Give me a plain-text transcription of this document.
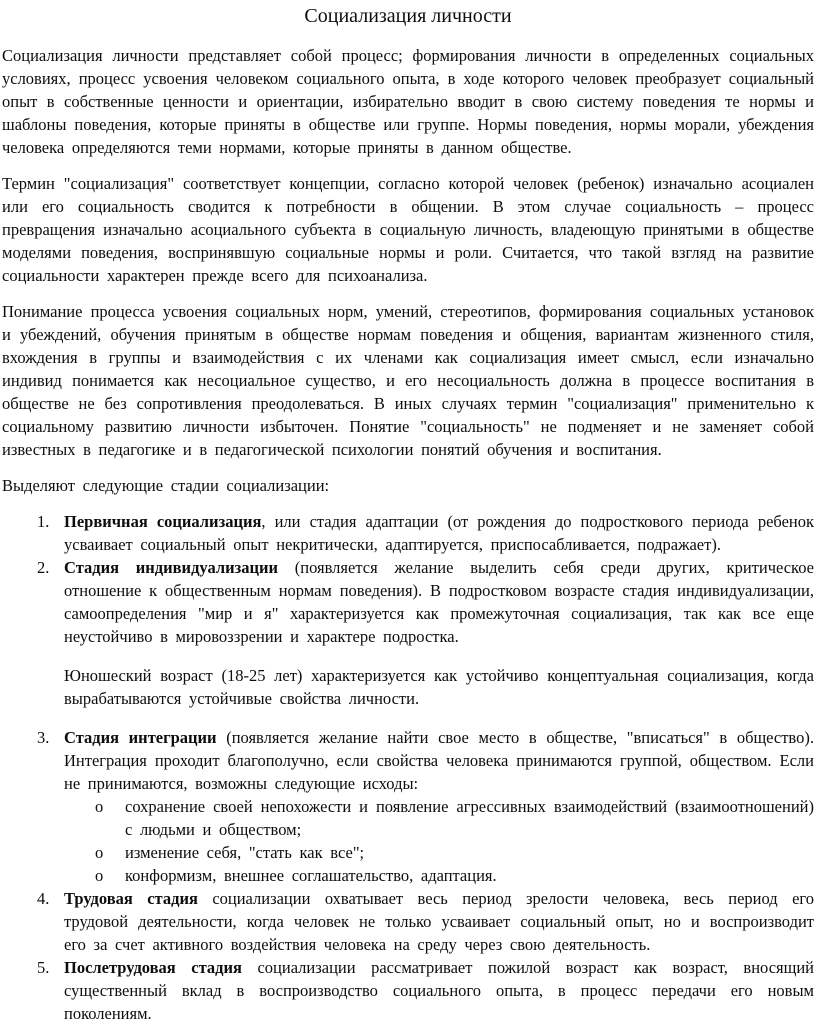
Социализация личности

Социализация личности представляет собой процесс; формирования личности в определенных социальных условиях, процесс усвоения человеком социального опыта, в ходе которого человек преобразует социальный опыт в собственные ценности и ориентации, избирательно вводит в свою систему поведения те нормы и шаблоны поведения, которые приняты в обществе или группе. Нормы поведения, нормы морали, убеждения человека определяются теми нормами, которые приняты в данном обществе.

Термин "социализация" соответствует концепции, согласно которой человек (ребенок) изначально асоциален или его социальность сводится к потребности в общении. В этом случае социальность – процесс превращения изначально асоциального субъекта в социальную личность, владеющую принятыми в обществе моделями поведения, воспринявшую социальные нормы и роли. Считается, что такой взгляд на развитие социальности характерен прежде всего для психоанализа.

Понимание процесса усвоения социальных норм, умений, стереотипов, формирования социальных установок и убеждений, обучения принятым в обществе нормам поведения и общения, вариантам жизненного стиля, вхождения в группы и взаимодействия с их членами как социализация имеет смысл, если изначально индивид понимается как несоциальное существо, и его несоциальность должна в процессе воспитания в обществе не без сопротивления преодолеваться. В иных случаях термин "социализация" применительно к социальному развитию личности избыточен. Понятие "социальность" не подменяет и не заменяет собой известных в педагогике и в педагогической психологии понятий обучения и воспитания.

Выделяют следующие стадии социализации:

1. Первичная социализация, или стадия адаптации (от рождения до подросткового периода ребенок усваивает социальный опыт некритически, адаптируется, приспосабливается, подражает).
2. Стадия индивидуализации (появляется желание выделить себя среди других, критическое отношение к общественным нормам поведения). В подростковом возрасте стадия индивидуализации, самоопределения "мир и я" характеризуется как промежуточная социализация, так как все еще неустойчиво в мировоззрении и характере подростка.

Юношеский возраст (18-25 лет) характеризуется как устойчиво концептуальная социализация, когда вырабатываются устойчивые свойства личности.

3. Стадия интеграции (появляется желание найти свое место в обществе, "вписаться" в общество). Интеграция проходит благополучно, если свойства человека принимаются группой, обществом. Если не принимаются, возможны следующие исходы:

o	сохранение своей непохожести и появление агрессивных взаимодействий (взаимоотношений) с людьми и обществом;
o	изменение себя, "стать как все";
o	конформизм, внешнее соглашательство, адаптация.
4. Трудовая стадия социализации охватывает весь период зрелости человека, весь период его трудовой деятельности, когда человек не только усваивает социальный опыт, но и воспроизводит его за счет активного воздействия человека на среду через свою деятельность.
5. Послетрудовая стадия социализации рассматривает пожилой возраст как возраст, вносящий существенный вклад в воспроизводство социального опыта, в процесс передачи его новым поколениям.
